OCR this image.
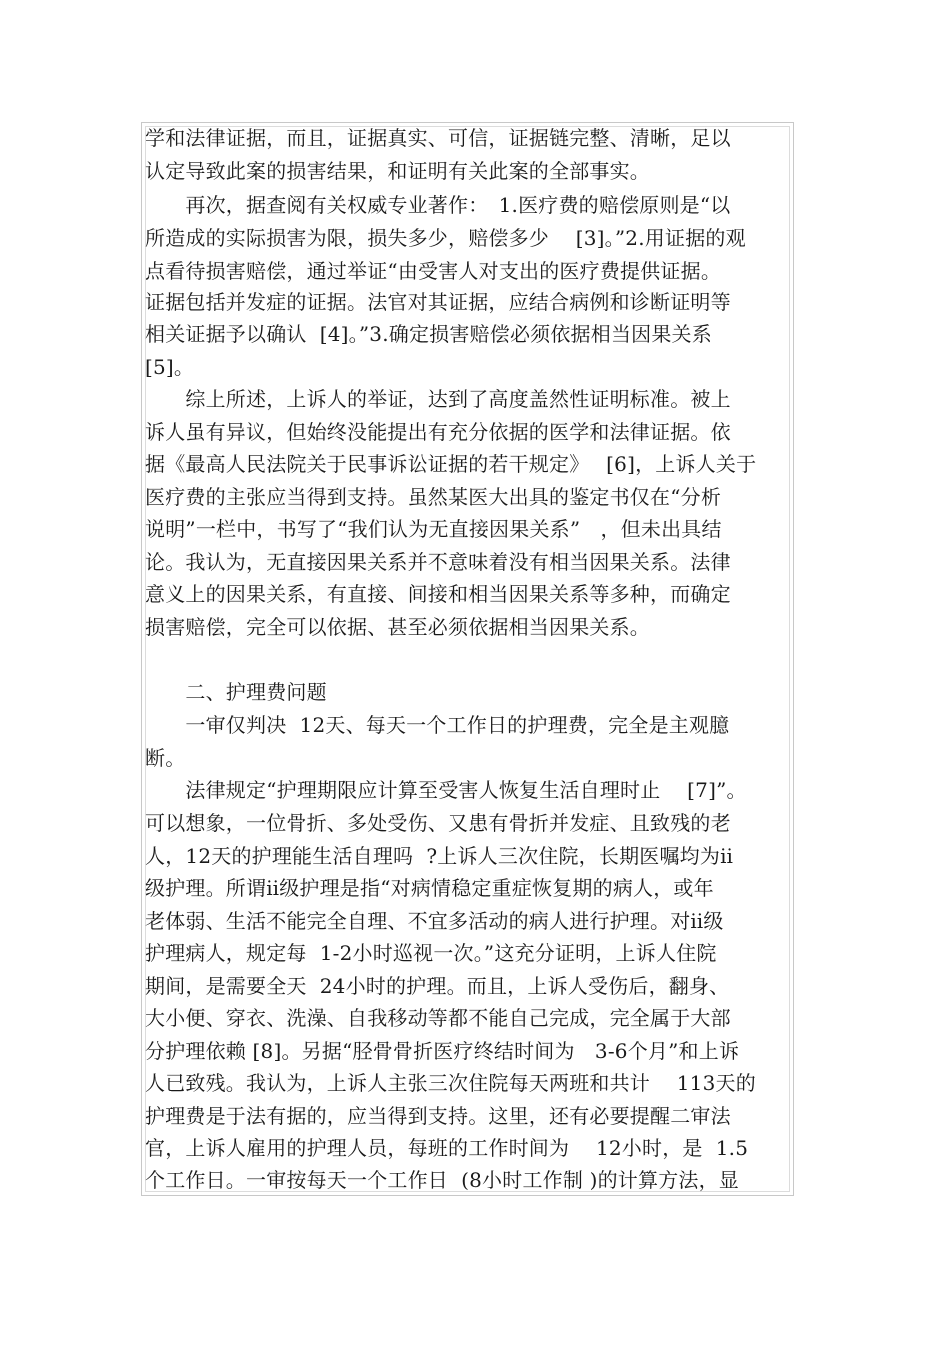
学和法律证据，而且，证据真实、可信，证据链完整、清晰，足以
认定导致此案的损害结果，和证明有关此案的全部事实。
　　再次，据查阅有关权威专业著作：　1.医疗费的赔偿原则是“以
所造成的实际损害为限，损失多少，赔偿多少　 [3]。”2.用证据的观
点看待损害赔偿，通过举证“由受害人对支出的医疗费提供证据。
证据包括并发症的证据。法官对其证据，应结合病例和诊断证明等
相关证据予以确认  [4]。”3.确定损害赔偿必须依据相当因果关系
[5]。
　　综上所述，上诉人的举证，达到了高度盖然性证明标准。被上
诉人虽有异议，但始终没能提出有充分依据的医学和法律证据。依
据《最高人民法院关于民事诉讼证据的若干规定》　 [6]，上诉人关于
医疗费的主张应当得到支持。虽然某医大出具的鉴定书仅在“分析
说明”一栏中，书写了“我们认为无直接因果关系”　，但未出具结
论。我认为，无直接因果关系并不意味着没有相当因果关系。法律
意义上的因果关系，有直接、间接和相当因果关系等多种，而确定
损害赔偿，完全可以依据、甚至必须依据相当因果关系。
　　二、护理费问题
　　一审仅判决  12天、每天一个工作日的护理费，完全是主观臆
断。
　　法律规定“护理期限应计算至受害人恢复生活自理时止　 [7]”。
可以想象，一位骨折、多处受伤、又患有骨折并发症、且致残的老
人，12天的护理能生活自理吗  ?上诉人三次住院，长期医嘱均为ⅱ
级护理。所谓ⅱ级护理是指“对病情稳定重症恢复期的病人，或年
老体弱、生活不能完全自理、不宜多活动的病人进行护理。对ⅱ级
护理病人，规定每  1-2小时巡视一次。”这充分证明，上诉人住院
期间，是需要全天  24小时的护理。而且，上诉人受伤后，翻身、
大小便、穿衣、洗澡、自我移动等都不能自己完成，完全属于大部
分护理依赖 [8]。另据“胫骨骨折医疗终结时间为　3-6个月”和上诉
人已致残。我认为，上诉人主张三次住院每天两班和共计　 113天的
护理费是于法有据的，应当得到支持。这里，还有必要提醒二审法
官，上诉人雇用的护理人员，每班的工作时间为　 12小时，是  1.5
个工作日。一审按每天一个工作日  (8小时工作制 )的计算方法，显
